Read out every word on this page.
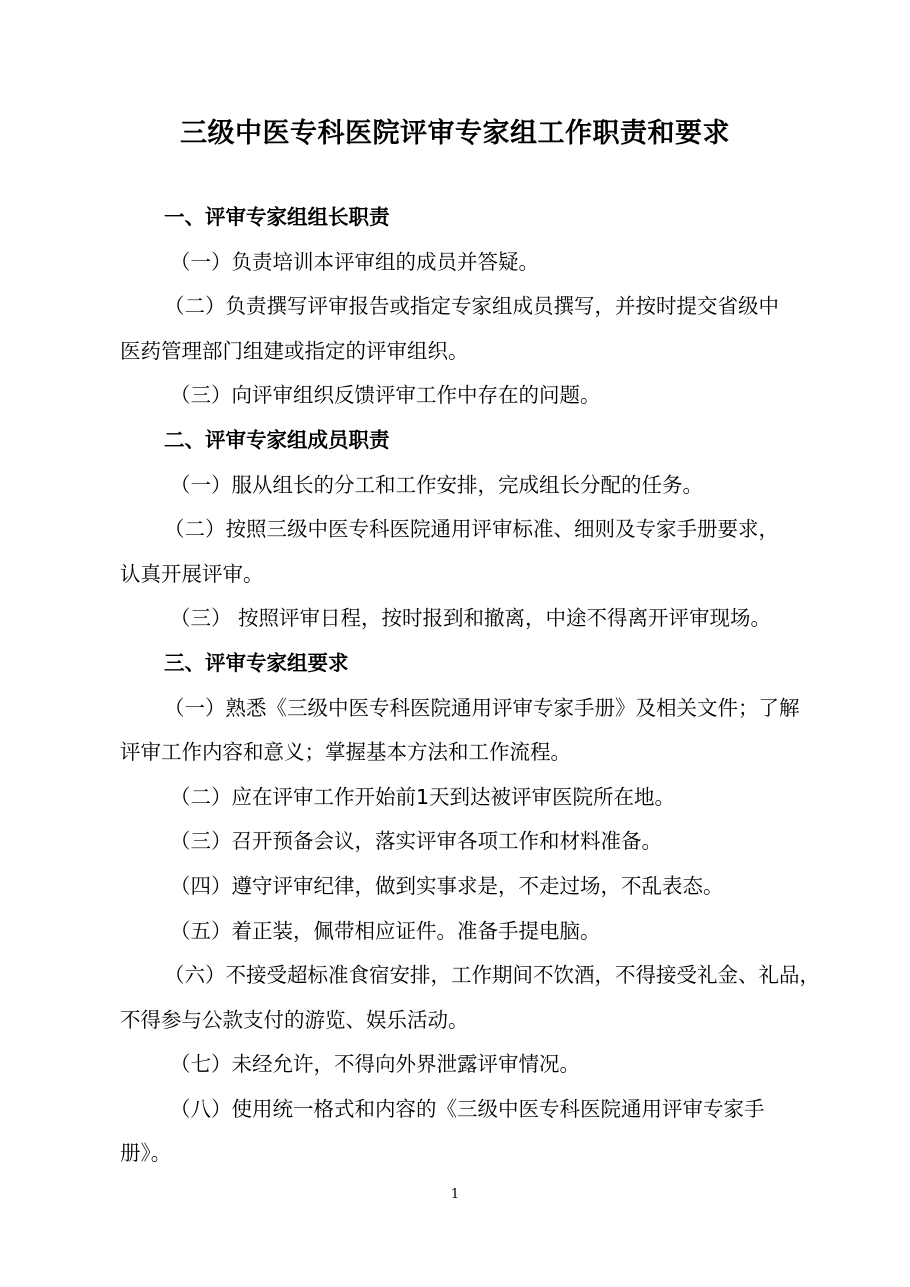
三级中医专科医院评审专家组工作职责和要求
一、评审专家组组长职责
（一）负责培训本评审组的成员并答疑。
（二）负责撰写评审报告或指定专家组成员撰写，并按时提交省级中
医药管理部门组建或指定的评审组织。
（三）向评审组织反馈评审工作中存在的问题。
二、评审专家组成员职责
（一）服从组长的分工和工作安排，完成组长分配的任务。
（二）按照三级中医专科医院通用评审标准、细则及专家手册要求，
认真开展评审。
（三） 按照评审日程，按时报到和撤离，中途不得离开评审现场。
三、评审专家组要求
（一）熟悉《三级中医专科医院通用评审专家手册》及相关文件；了解
评审工作内容和意义；掌握基本方法和工作流程。
（二）应在评审工作开始前1天到达被评审医院所在地。
（三）召开预备会议，落实评审各项工作和材料准备。
（四）遵守评审纪律，做到实事求是，不走过场，不乱表态。
（五）着正装，佩带相应证件。准备手提电脑。
（六）不接受超标准食宿安排，工作期间不饮酒，不得接受礼金、礼品，
不得参与公款支付的游览、娱乐活动。
（七）未经允许，不得向外界泄露评审情况。
（八）使用统一格式和内容的《三级中医专科医院通用评审专家手
册》。
1
